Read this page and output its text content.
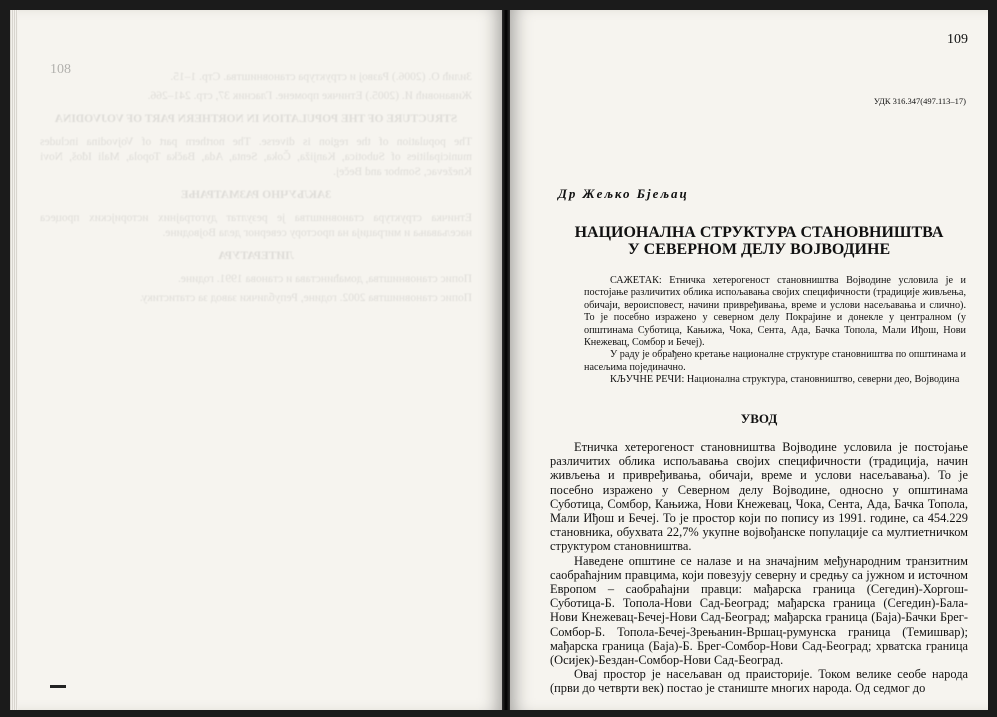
108	Зилић О. (2006.) Развој и структура становништва. Стр. 1–15.

Живановић И. (2005.) Етничке промене. Гласник 37, стр. 241–266.

STRUCTURE OF THE POPULATION IN NORTHERN PART OF VOJVODINA

The population of the region is diverse. The northern part of Vojvodina includes municipalities of Subotica, Kanjiža, Čoka, Senta, Ada, Bačka Topola, Mali Iđoš, Novi Kneževac, Sombor and Bečej.

ЗАКЉУЧНО РАЗМАТРАЊЕ

Етничка структура становништва је резултат дуготрајних историјских процеса насељавања и миграција на простору северног дела Војводине.

ЛИТЕРАТУРА

Попис становништва, домаћинстава и станова 1991. године.

Попис становништва 2002. године, Републички завод за статистику.

109
УДК 316.347(497.113–17)
Др Жељко Бјељац
НАЦИОНАЛНА СТРУКТУРА СТАНОВНИШТВА
У СЕВЕРНОМ ДЕЛУ ВОЈВОДИНЕ

САЖЕТАК: Етничка хетерогеност становништва Војводине условила је и постојање различитих облика испољавања својих специфичности (традиције живљења, обичаји, вероисповест, начини привређивања, време и услови насељавања и слично). То је посебно изражено у северном делу Покрајине и донекле у централном (у општинама Суботица, Кањижа, Чока, Сента, Ада, Бачка Топола, Мали Иђош, Нови Кнежевац, Сомбор и Бечеј).

У раду је обрађено кретање националне структуре становништва по општинама и насељима појединачно.

КЉУЧНЕ РЕЧИ: Национална структура, становништво, северни део, Војводина

УВОД

Етничка хетерогеност становништва Војводине условила је постојање различитих облика испољавања својих специфичности (традиција, начин живљења и привређивања, обичаји, време и услови насељавања). То је посебно изражено у Северном делу Војводине, односно у општинама Суботица, Сомбор, Кањижа, Нови Кнежевац, Чока, Сента, Ада, Бачка Топола, Мали Иђош и Бечеј. То је простор који по попису из 1991. године, са 454.229 становника, обухвата 22,7% укупне војвођанске популације са мултиетничком структуром становништва.

Наведене општине се налазе и на значајним међународним транзитним саобраћајним правцима, који повезују северну и средњу са јужном и источном Европом – саобраћајни правци: мађарска граница (Сегедин)-Хоргош-Суботица-Б. Топола-Нови Сад-Београд; мађарска граница (Сегедин)-Бала-Нови Кнежевац-Бечеј-Нови Сад-Београд; мађарска граница (Баја)-Бачки Брег-Сомбор-Б. Топола-Бечеј-Зрењанин-Вршац-румунска граница (Темишвар); мађарска граница (Баја)-Б. Брег-Сомбор-Нови Сад-Београд; хрватска граница (Осијек)-Бездан-Сомбор-Нови Сад-Београд.

Овај простор је насељаван од праисторије. Током велике сеобе народа (први до четврти век) постао је станиште многих народа. Од седмог до
